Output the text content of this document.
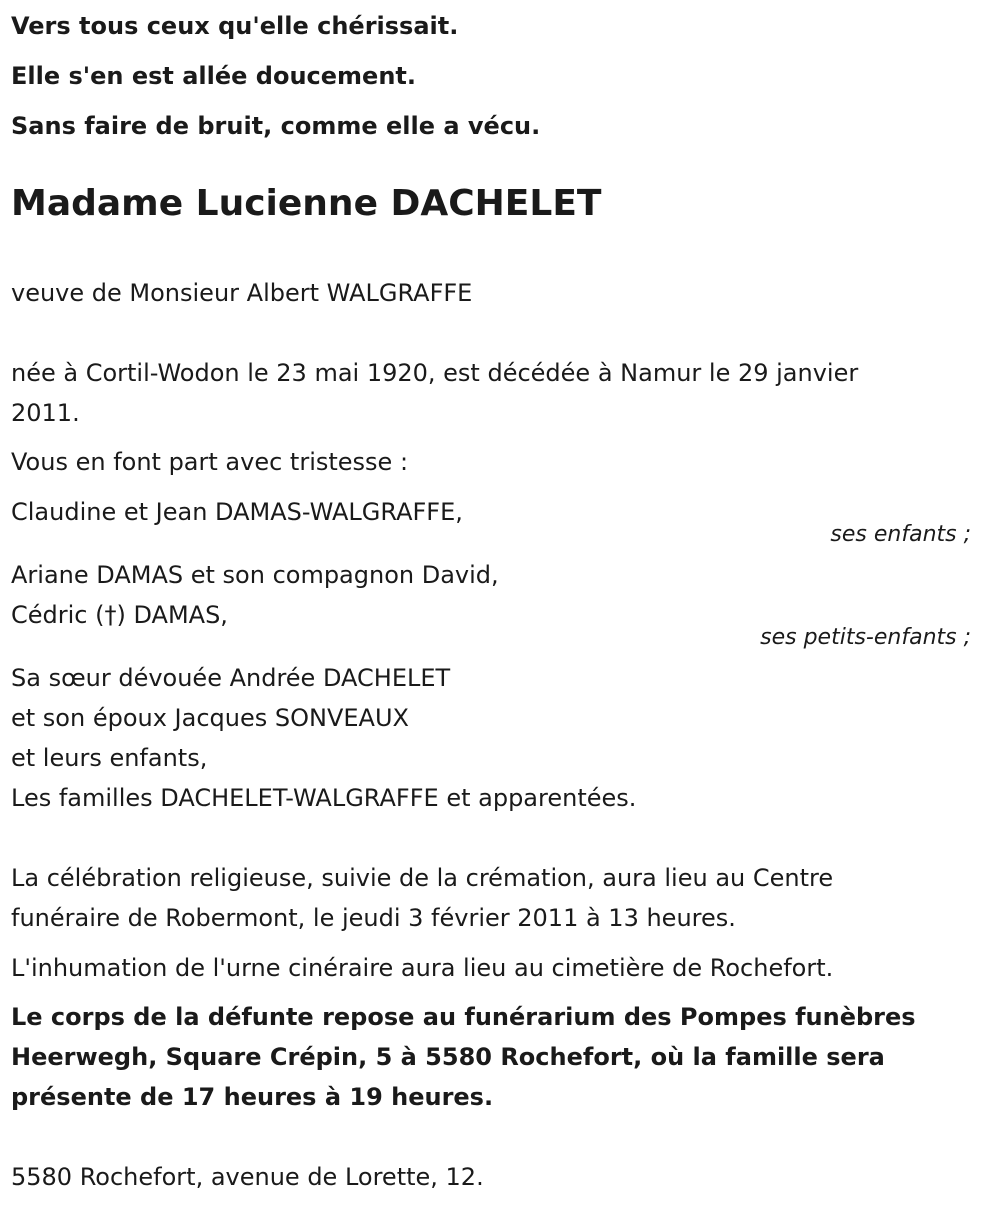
Vers tous ceux qu'elle chérissait.
Elle s'en est allée doucement.
Sans faire de bruit, comme elle a vécu.
Madame Lucienne DACHELET
veuve de Monsieur Albert WALGRAFFE
née à Cortil-Wodon le 23 mai 1920, est décédée à Namur le 29 janvier
2011.
Vous en font part avec tristesse :
Claudine et Jean DAMAS-WALGRAFFE,
ses enfants ;
Ariane DAMAS et son compagnon David,
Cédric (†) DAMAS,
ses petits-enfants ;
Sa sœur dévouée Andrée DACHELET
et son époux Jacques SONVEAUX
et leurs enfants,
Les familles DACHELET-WALGRAFFE et apparentées.
La célébration religieuse, suivie de la crémation, aura lieu au Centre
funéraire de Robermont, le jeudi 3 février 2011 à 13 heures.
L'inhumation de l'urne cinéraire aura lieu au cimetière de Rochefort.
Le corps de la défunte repose au funérarium des Pompes funèbres
Heerwegh, Square Crépin, 5 à 5580 Rochefort, où la famille sera
présente de 17 heures à 19 heures.
5580 Rochefort, avenue de Lorette, 12.
